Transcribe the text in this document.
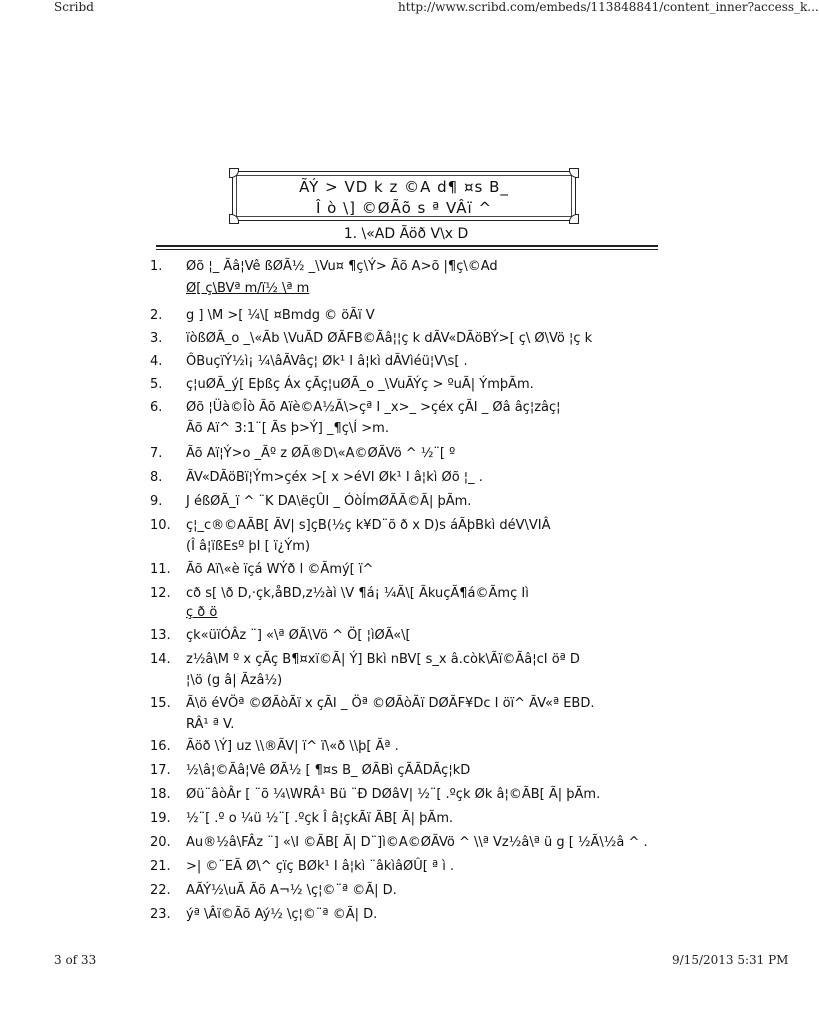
Scribd	http://www.scribd.com/embeds/113848841/content_inner?access_k...
ÃÝ > VD k z ©A d¶ ¤s B_
Î ò \] ©ØÃõ s ª VÂï ^
1. \«AD Ãöð V\x D
1.	Øõ ¦_ Ãâ¦Vê ßØÃ½ _\Vu¤ ¶ç\Ý> Ãõ A>õ |¶ç\©Ad
Ø[ ç\BVª m/ï½ \ª m
2.	g ] \M >[ ¼\[ ¤Bmdg © öÃï V
3.	ïòßØÃ_o _\«Ãb \VuÃD ØÃFB©Ãâ¦¦ç k dÃV«DÃöBÝ>[ ç\ Ø\Vö ¦ç k
4.	ÔBuçïÝ½ì¡ ¼\âÃVâç¦ Øk¹ I â¦kì dÃVìéü¦V\s[ .
5.	ç¦uØÃ_ý[ Eþßç Áx çÃç¦uØÃ_o _\VuÃÝç > ºuÃ| ÝmþÃm.
6.	Øõ ¦Üà©Îò Ãõ Aïè©A½Ã\>çª I _x>_ >çéx çÃI _ Øâ âç¦zâç¦
Ãõ Aï^ 3:1¨[ Ãs þ>Ý] _¶ç\Í >m.
7.	Ãõ Aï¦Ý>o _Ãº z ØÃ®D\«A©ØÃVö ^ ½¨[ º
8.	ÃV«DÃöBï¦Ým>çéx >[ x >éVI Øk¹ I â¦kì Øõ ¦_ .
9.	J éßØÃ_ï ^ ¨K DA\ëçÛI _ ÓòÍmØÃÃ©Ã| þÃm.
10.	ç¦_c®©AÃB[ ÃV| s]çB(½ç k¥D¨õ ð x D)s áÃþBkì déV\VIÂ
(Î â¦ïßEsº þI [ ï¿Ým)
11.	Ãõ Aï\«è ïçá WÝð I ©Ãmý[ ï^
12.	cð s[ \ð D,·çk,åBD,z½àì \V ¶á¡ ¼Ã\[ ÃkuçÃ¶á©Ãmç Iì
ç ð ö
13.	çk«üïÓÂz ¨] «\ª ØÃ\Vö ^ Ö[ ¦ìØÃ«\[
14.	z½â\M º x çÃç B¶¤xï©Ã| Ý] Bkì nBV[ s_x â.còk\Ãï©Ãâ¦cI öª D
¦\ö (g â| Ãzâ½)
15.	Ã\ö éVÖª ©ØÃòÃï x çÃI _ Öª ©ØÃòÃï DØÃF¥Dc I öï^ ÃV«ª EBD.
RÂ¹ ª V.
16.	Ãöð \Ý] uz \\®ÃV| ï^ ï\«ð \\þ[ Ãª .
17.	½\â¦©Ãâ¦Vê ØÃ½ [ ¶¤s B_ ØÃBì çÃÃDÃç¦kD
18.	Øü¨âòÂr [ ¨õ ¼\WRÂ¹ Bü ¨Ð DØâV| ½¨[ .ºçk Øk â¦©ÃB[ Ã| þÃm.
19.	½¨[ .º o ¼ü ½¨[ .ºçk Î â¦çkÃï ÃB[ Ã| þÃm.
20.	Au®½â\FÂz ¨] «\I ©ÃB[ Ã| D¨]ì©A©ØÃVö ^ \\ª Vz½â\ª ü g [ ½Ã\½â ^ .
21.	>| ©¨EÃ Ø\^ çïç BØk¹ I â¦kì ¨âkìâØÛ[ ª ì .
22.	AÃÝ½\uÃ Ãõ A¬½ \ç¦©¨ª ©Ã| D.
23.	ýª \Âï©Ãõ Aý½ \ç¦©¨ª ©Ã| D.
3 of 33	9/15/2013 5:31 PM
